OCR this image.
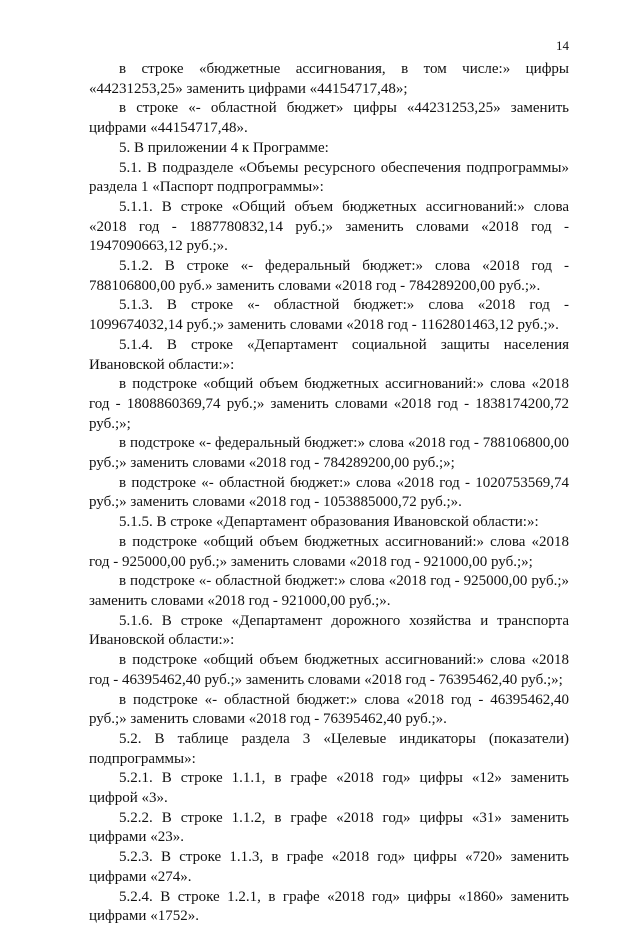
14

в строке «бюджетные ассигнования, в том числе:» цифры «44231253,25» заменить цифрами «44154717,48»;

в строке «- областной бюджет» цифры «44231253,25» заменить цифрами «44154717,48».

5. В приложении 4 к Программе:

5.1. В подразделе «Объемы ресурсного обеспечения подпрограммы» раздела 1 «Паспорт подпрограммы»:

5.1.1. В строке «Общий объем бюджетных ассигнований:» слова «2018 год - 1887780832,14 руб.;» заменить словами «2018 год - 1947090663,12 руб.;».

5.1.2. В строке «- федеральный бюджет:» слова «2018 год - 788106800,00 руб.» заменить словами «2018 год - 784289200,00 руб.;».

5.1.3. В строке «- областной бюджет:» слова «2018 год - 1099674032,14 руб.;» заменить словами «2018 год - 1162801463,12 руб.;».

5.1.4. В строке «Департамент социальной защиты населения Ивановской области:»:

в подстроке «общий объем бюджетных ассигнований:» слова «2018 год - 1808860369,74 руб.;» заменить словами «2018 год - 1838174200,72 руб.;»;

в подстроке «- федеральный бюджет:» слова «2018 год - 788106800,00 руб.;» заменить словами «2018 год - 784289200,00 руб.;»;

в подстроке «- областной бюджет:» слова «2018 год - 1020753569,74 руб.;» заменить словами «2018 год - 1053885000,72 руб.;».

5.1.5. В строке «Департамент образования Ивановской области:»:

в подстроке «общий объем бюджетных ассигнований:» слова «2018 год - 925000,00 руб.;» заменить словами «2018 год - 921000,00 руб.;»;

в подстроке «- областной бюджет:» слова «2018 год - 925000,00 руб.;» заменить словами «2018 год - 921000,00 руб.;».

5.1.6. В строке «Департамент дорожного хозяйства и транспорта Ивановской области:»:

в подстроке «общий объем бюджетных ассигнований:» слова «2018 год - 46395462,40 руб.;» заменить словами «2018 год - 76395462,40 руб.;»;

в подстроке «- областной бюджет:» слова «2018 год - 46395462,40 руб.;» заменить словами «2018 год - 76395462,40 руб.;».

5.2. В таблице раздела 3 «Целевые индикаторы (показатели) подпрограммы»:

5.2.1. В строке 1.1.1, в графе «2018 год» цифры «12» заменить цифрой «3».

5.2.2. В строке 1.1.2, в графе «2018 год» цифры «31» заменить цифрами «23».

5.2.3. В строке 1.1.3, в графе «2018 год» цифры «720» заменить цифрами «274».

5.2.4. В строке 1.2.1, в графе «2018 год» цифры «1860» заменить цифрами «1752».
